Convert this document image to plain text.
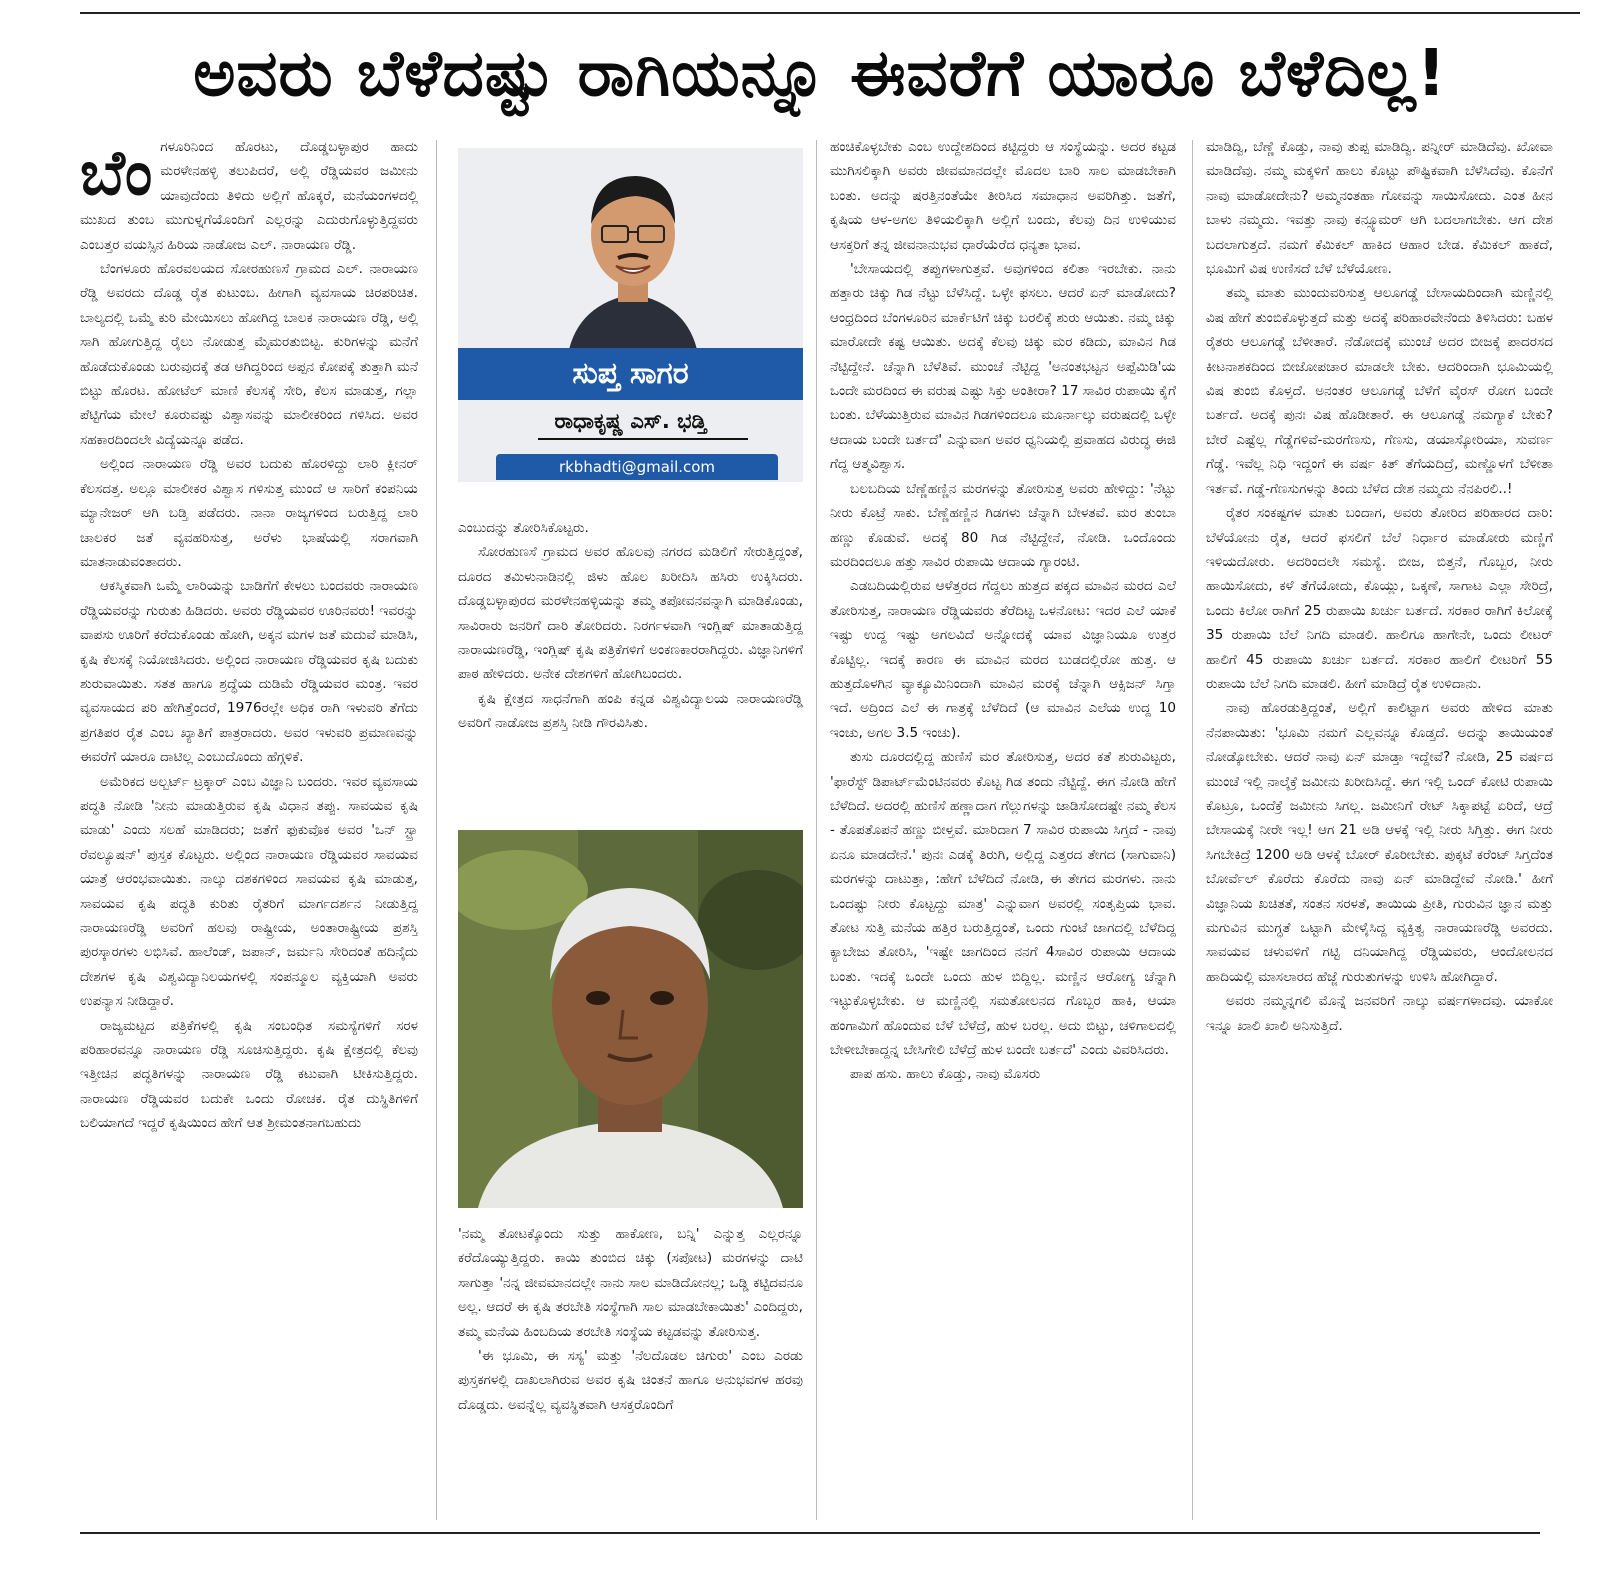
ಅವರು ಬೆಳೆದಷ್ಟು ರಾಗಿಯನ್ನೂ ಈವರೆಗೆ ಯಾರೂ ಬೆಳೆದಿಲ್ಲ!
ಬೆಂ ಗಳೂರಿನಿಂದ ಹೊರಟು, ದೊಡ್ಡಬಳ್ಳಾಪುರ ಹಾದು ಮರಳೇನಹಳ್ಳಿ ತಲುಪಿದರೆ, ಅಲ್ಲಿ ರೆಡ್ಡಿಯವರ ಜಮೀನು ಯಾವುದೆಂದು ತಿಳಿದು ಅಲ್ಲಿಗೆ ಹೊಕ್ಕರೆ, ಮನೆಯಂಗಳದಲ್ಲಿ ಮುಖದ ತುಂಬ ಮುಗುಳ್ನಗೆಯೊಂದಿಗೆ ಎಲ್ಲರನ್ನು ಎದುರುಗೊಳ್ಳುತ್ತಿದ್ದವರು ಎಂಬತ್ತರ ವಯಸ್ಸಿನ ಹಿರಿಯ ನಾಡೋಜ ಎಲ್. ನಾರಾಯಣ ರೆಡ್ಡಿ.

ಬೆಂಗಳೂರು ಹೊರವಲಯದ ಸೋರಹುಣಸೆ ಗ್ರಾಮದ ಎಲ್. ನಾರಾಯಣ ರೆಡ್ಡಿ ಅವರದು ದೊಡ್ಡ ರೈತ ಕುಟುಂಬ. ಹೀಗಾಗಿ ವ್ಯವಸಾಯ ಚಿರಪರಿಚಿತ. ಬಾಲ್ಯದಲ್ಲಿ ಒಮ್ಮೆ ಕುರಿ ಮೇಯಿಸಲು ಹೋಗಿದ್ದ ಬಾಲಕ ನಾರಾಯಣ ರೆಡ್ಡಿ, ಅಲ್ಲಿ ಸಾಗಿ ಹೋಗುತ್ತಿದ್ದ ರೈಲು ನೋಡುತ್ತ ಮೈಮರತುಬಿಟ್ಟ. ಕುರಿಗಳನ್ನು ಮನೆಗೆ ಹೊಡೆದುಕೊಂಡು ಬರುವುದಕ್ಕೆ ತಡ ಆಗಿದ್ದರಿಂದ ಅಪ್ಪನ ಕೋಪಕ್ಕೆ ತುತ್ತಾಗಿ ಮನೆ ಬಿಟ್ಟು ಹೊರಟ. ಹೋಟೆಲ್ ಮಾಣಿ ಕೆಲಸಕ್ಕೆ ಸೇರಿ, ಕೆಲಸ ಮಾಡುತ್ತ, ಗಲ್ಲಾ ಪೆಟ್ಟಿಗೆಯ ಮೇಲೆ ಕೂರುವಷ್ಟು ವಿಶ್ವಾಸವನ್ನು ಮಾಲೀಕರಿಂದ ಗಳಿಸಿದ. ಅವರ ಸಹಕಾರದಿಂದಲೇ ವಿದ್ಯೆಯನ್ನೂ ಪಡೆದ.

ಅಲ್ಲಿಂದ ನಾರಾಯಣ ರೆಡ್ಡಿ ಅವರ ಬದುಕು ಹೊರಳಿದ್ದು ಲಾರಿ ಕ್ಲೀನರ್ ಕೆಲಸದತ್ತ. ಅಲ್ಲೂ ಮಾಲೀಕರ ವಿಶ್ವಾಸ ಗಳಿಸುತ್ತ ಮುಂದೆ ಆ ಸಾರಿಗೆ ಕಂಪನಿಯ ಮ್ಯಾನೇಜರ್ ಆಗಿ ಬಡ್ತಿ ಪಡೆದರು. ನಾನಾ ರಾಜ್ಯಗಳಿಂದ ಬರುತ್ತಿದ್ದ ಲಾರಿ ಚಾಲಕರ ಜತೆ ವ್ಯವಹರಿಸುತ್ತ, ಅರೆಳು ಭಾಷೆಯಲ್ಲಿ ಸರಾಗವಾಗಿ ಮಾತನಾಡುವಂತಾದರು.

ಆಕಸ್ಮಿಕವಾಗಿ ಒಮ್ಮೆ ಲಾರಿಯನ್ನು ಬಾಡಿಗೆಗೆ ಕೇಳಲು ಬಂದವರು ನಾರಾಯಣ ರೆಡ್ಡಿಯವರನ್ನು ಗುರುತು ಹಿಡಿದರು. ಅವರು ರೆಡ್ಡಿಯವರ ಊರಿನವರು! ಇವರನ್ನು ವಾಪಸು ಊರಿಗೆ ಕರೆದುಕೊಂಡು ಹೋಗಿ, ಅಕ್ಕನ ಮಗಳ ಜತೆ ಮದುವೆ ಮಾಡಿಸಿ, ಕೃಷಿ ಕೆಲಸಕ್ಕೆ ನಿಯೋಜಿಸಿದರು. ಅಲ್ಲಿಂದ ನಾರಾಯಣ ರೆಡ್ಡಿಯವರ ಕೃಷಿ ಬದುಕು ಶುರುವಾಯಿತು. ಸತತ ಹಾಗೂ ಶ್ರದ್ಧೆಯ ದುಡಿಮೆ ರೆಡ್ಡಿಯವರ ಮಂತ್ರ. ಇವರ ವ್ಯವಸಾಯದ ಪರಿ ಹೇಗಿತ್ತೆಂದರೆ, 1976ರಲ್ಲೇ ಅಧಿಕ ರಾಗಿ ಇಳುವರಿ ತೆಗೆದು ಪ್ರಗತಿಪರ ರೈತ ಎಂಬ ಖ್ಯಾತಿಗೆ ಪಾತ್ರರಾದರು. ಅವರ ಇಳುವರಿ ಪ್ರಮಾಣವನ್ನು ಈವರೆಗೆ ಯಾರೂ ದಾಟಿಲ್ಲ ಎಂಬುದೊಂದು ಹೆಗ್ಗಳಿಕೆ.

ಅಮೆರಿಕದ ಅಲ್ಬರ್ಟ್ ಟ್ರಕ್ಕಾರ್ ಎಂಬ ವಿಜ್ಞಾನಿ ಬಂದರು. ಇವರ ವ್ಯವಸಾಯ ಪದ್ಧತಿ ನೋಡಿ 'ನೀನು ಮಾಡುತ್ತಿರುವ ಕೃಷಿ ವಿಧಾನ ತಪ್ಪು. ಸಾವಯವ ಕೃಷಿ ಮಾಡು' ಎಂದು ಸಲಹೆ ಮಾಡಿದರು; ಜತೆಗೆ ಫುಕುವೊಕ ಅವರ 'ಒನ್ ಸ್ಟ್ರಾ ರೆವಲ್ಯೂಷನ್' ಪುಸ್ತಕ ಕೊಟ್ಟರು. ಅಲ್ಲಿಂದ ನಾರಾಯಣ ರೆಡ್ಡಿಯವರ ಸಾವಯವ ಯಾತ್ರೆ ಆರಂಭವಾಯಿತು. ನಾಲ್ಕು ದಶಕಗಳಿಂದ ಸಾವಯವ ಕೃಷಿ ಮಾಡುತ್ತ, ಸಾವಯವ ಕೃಷಿ ಪದ್ಧತಿ ಕುರಿತು ರೈತರಿಗೆ ಮಾರ್ಗದರ್ಶನ ನೀಡುತ್ತಿದ್ದ ನಾರಾಯಣರೆಡ್ಡಿ ಅವರಿಗೆ ಹಲವು ರಾಷ್ಟ್ರೀಯ, ಅಂತಾರಾಷ್ಟ್ರೀಯ ಪ್ರಶಸ್ತಿ ಪುರಸ್ಕಾರಗಳು ಲಭಿಸಿವೆ. ಹಾಲೆಂಡ್, ಜಪಾನ್, ಜರ್ಮನಿ ಸೇರಿದಂತೆ ಹದಿನೈದು ದೇಶಗಳ ಕೃಷಿ ವಿಶ್ವವಿದ್ಯಾನಿಲಯಗಳಲ್ಲಿ ಸಂಪನ್ಮೂಲ ವ್ಯಕ್ತಿಯಾಗಿ ಅವರು ಉಪನ್ಯಾಸ ನೀಡಿದ್ದಾರೆ.

ರಾಜ್ಯಮಟ್ಟದ ಪತ್ರಿಕೆಗಳಲ್ಲಿ ಕೃಷಿ ಸಂಬಂಧಿತ ಸಮಸ್ಯೆಗಳಿಗೆ ಸರಳ ಪರಿಹಾರವನ್ನೂ ನಾರಾಯಣ ರೆಡ್ಡಿ ಸೂಚಿಸುತ್ತಿದ್ದರು. ಕೃಷಿ ಕ್ಷೇತ್ರದಲ್ಲಿ ಕೆಲವು ಇತ್ತೀಚಿನ ಪದ್ಧತಿಗಳನ್ನು ನಾರಾಯಣ ರೆಡ್ಡಿ ಕಟುವಾಗಿ ಟೀಕಿಸುತ್ತಿದ್ದರು. ನಾರಾಯಣ ರೆಡ್ಡಿಯವರ ಬದುಕೇ ಒಂದು ರೋಚಕ. ರೈತ ದುಸ್ಥಿತಿಗಳಿಗೆ ಬಲಿಯಾಗದೆ ಇದ್ದರೆ ಕೃಷಿಯಿಂದ ಹೇಗೆ ಆತ ಶ್ರೀಮಂತನಾಗಬಹುದು

ಸುಪ್ತ ಸಾಗರ
ರಾಧಾಕೃಷ್ಣ ಎಸ್. ಭಡ್ತಿ
rkbhadti@gmail.com

ಎಂಬುದನ್ನು ತೋರಿಸಿಕೊಟ್ಟರು.

ಸೋರಹುಣಸೆ ಗ್ರಾಮದ ಅವರ ಹೊಲವು ನಗರದ ಮಡಿಲಿಗೆ ಸೇರುತ್ತಿದ್ದಂತೆ, ದೂರದ ತಮಿಳುನಾಡಿನಲ್ಲಿ ಜಿಳು ಹೊಲ ಖರೀದಿಸಿ ಹಸಿರು ಉಕ್ಕಿಸಿದರು. ದೊಡ್ಡಬಳ್ಳಾಪುರದ ಮರಳೇನಹಳ್ಳಿಯನ್ನು ತಮ್ಮ ತಪೋವನವನ್ನಾಗಿ ಮಾಡಿಕೊಂಡು, ಸಾವಿರಾರು ಜನರಿಗೆ ದಾರಿ ತೋರಿದರು. ನಿರರ್ಗಳವಾಗಿ ಇಂಗ್ಲಿಷ್ ಮಾತಾಡುತ್ತಿದ್ದ ನಾರಾಯಣರೆಡ್ಡಿ, ಇಂಗ್ಲಿಷ್ ಕೃಷಿ ಪತ್ರಿಕೆಗಳಿಗೆ ಅಂಕಣಕಾರರಾಗಿದ್ದರು. ವಿಜ್ಞಾನಿಗಳಿಗೆ ಪಾಠ ಹೇಳಿದರು. ಅನೇಕ ದೇಶಗಳಿಗೆ ಹೋಗಿಬಂದರು.

ಕೃಷಿ ಕ್ಷೇತ್ರದ ಸಾಧನೆಗಾಗಿ ಹಂಪಿ ಕನ್ನಡ ವಿಶ್ವವಿದ್ಯಾಲಯ ನಾರಾಯಣರೆಡ್ಡಿ ಅವರಿಗೆ ನಾಡೋಜ ಪ್ರಶಸ್ತಿ ನೀಡಿ ಗೌರವಿಸಿತು.

'ನಮ್ಮ ತೋಟಕ್ಕೊಂದು ಸುತ್ತು ಹಾಕೋಣ, ಬನ್ನಿ' ಎನ್ನುತ್ತ ಎಲ್ಲರನ್ನೂ ಕರೆದೊಯ್ಯುತ್ತಿದ್ದರು. ಕಾಯಿ ತುಂಬಿದ ಚಿಕ್ಕು (ಸಪೋಟ) ಮರಗಳನ್ನು ದಾಟಿ ಸಾಗುತ್ತಾ 'ನನ್ನ ಜೀವಮಾನದಲ್ಲೇ ನಾನು ಸಾಲ ಮಾಡಿದೋನಲ್ಲ; ಒಡ್ಡಿ ಕಟ್ಟಿದವನೂ ಅಲ್ಲ. ಆದರೆ ಈ ಕೃಷಿ ತರಬೇತಿ ಸಂಸ್ಥೆಗಾಗಿ ಸಾಲ ಮಾಡಬೇಕಾಯಿತು' ಎಂದಿದ್ದರು, ತಮ್ಮ ಮನೆಯ ಹಿಂಬದಿಯ ತರಬೇತಿ ಸಂಸ್ಥೆಯ ಕಟ್ಟಡವನ್ನು ತೋರಿಸುತ್ತ.

'ಈ ಭೂಮಿ, ಈ ಸಸ್ಯ' ಮತ್ತು 'ನೆಲದೊಡಲ ಚಿಗುರು' ಎಂಬ ಎರಡು ಪುಸ್ತಕಗಳಲ್ಲಿ ದಾಖಲಾಗಿರುವ ಅವರ ಕೃಷಿ ಚಿಂತನೆ ಹಾಗೂ ಅನುಭವಗಳ ಹರವು ದೊಡ್ಡದು. ಅವನ್ನೆಲ್ಲ ವ್ಯವಸ್ಥಿತವಾಗಿ ಆಸಕ್ತರೊಂದಿಗೆ

ಹಂಚಿಕೊಳ್ಳಬೇಕು ಎಂಬ ಉದ್ದೇಶದಿಂದ ಕಟ್ಟಿದ್ದರು ಆ ಸಂಸ್ಥೆಯನ್ನು. ಅದರ ಕಟ್ಟಡ ಮುಗಿಸಲಿಕ್ಕಾಗಿ ಅವರು ಜೀವಮಾನದಲ್ಲೇ ಮೊದಲ ಬಾರಿ ಸಾಲ ಮಾಡಬೇಕಾಗಿ ಬಂತು. ಅದನ್ನು ಷರತ್ತಿನಂತೆಯೇ ತೀರಿಸಿದ ಸಮಾಧಾನ ಅವರಿಗಿತ್ತು. ಜತೆಗೆ, ಕೃಷಿಯ ಆಳ-ಅಗಲ ತಿಳಿಯಲಿಕ್ಕಾಗಿ ಅಲ್ಲಿಗೆ ಬಂದು, ಕೆಲವು ದಿನ ಉಳಿಯುವ ಆಸಕ್ತರಿಗೆ ತನ್ನ ಜೀವನಾನುಭವ ಧಾರೆಯೆರೆದ ಧನ್ಯತಾ ಭಾವ.

'ಬೇಸಾಯದಲ್ಲಿ ತಪ್ಪುಗಳಾಗುತ್ತವೆ. ಅವುಗಳಿಂದ ಕಲಿತಾ ಇರಬೇಕು. ನಾನು ಹತ್ತಾರು ಚಿಕ್ಕು ಗಿಡ ನೆಟ್ಟು ಬೆಳೆಸಿದ್ದೆ. ಒಳ್ಳೇ ಫಸಲು. ಆದರೆ ಏನ್ ಮಾಡೋದು? ಆಂಧ್ರದಿಂದ ಬೆಂಗಳೂರಿನ ಮಾರ್ಕೆಟಿಗೆ ಚಿಕ್ಕು ಬರಲಿಕ್ಕೆ ಶುರು ಆಯಿತು. ನಮ್ಮ ಚಿಕ್ಕು ಮಾರೋದೇ ಕಷ್ಟ ಆಯಿತು. ಅದಕ್ಕೆ ಕೆಲವು ಚಿಕ್ಕು ಮರ ಕಡಿದು, ಮಾವಿನ ಗಿಡ ನೆಟ್ಟಿದ್ದೇನೆ. ಚೆನ್ನಾಗಿ ಬೆಳೆತಿವೆ. ಮುಂಚೆ ನೆಟ್ಟಿದ್ದ 'ಅನಂತಭಟ್ಟನ ಅಪ್ಪೆಮಿಡಿ'ಯ ಒಂದೇ ಮರದಿಂದ ಈ ವರುಷ ಎಷ್ಟು ಸಿಕ್ತು ಅಂತೀರಾ? 17 ಸಾವಿರ ರುಪಾಯಿ ಕೈಗೆ ಬಂತು. ಬೆಳೆಯುತ್ತಿರುವ ಮಾವಿನ ಗಿಡಗಳಿಂದಲೂ ಮೂರ್ನಾಲ್ಕು ವರುಷದಲ್ಲಿ ಒಳ್ಳೇ ಆದಾಯ ಬಂದೇ ಬರ್ತದೆ' ಎನ್ನುವಾಗ ಅವರ ಧ್ವನಿಯಲ್ಲಿ ಪ್ರವಾಹದ ವಿರುದ್ಧ ಈಜಿ ಗೆದ್ದ ಆತ್ಮವಿಶ್ವಾಸ.

ಬಲಬದಿಯ ಬೆಣ್ಣೆಹಣ್ಣಿನ ಮರಗಳನ್ನು ತೋರಿಸುತ್ತ ಅವರು ಹೇಳಿದ್ದು: 'ನೆಟ್ಟು ನೀರು ಕೊಟ್ರೆ ಸಾಕು. ಬೆಣ್ಣೆಹಣ್ಣಿನ ಗಿಡಗಳು ಚೆನ್ನಾಗಿ ಬೇಳತವೆ. ಮರ ತುಂಬಾ ಹಣ್ಣು ಕೊಡುವೆ. ಅದಕ್ಕೆ 80 ಗಿಡ ನೆಟ್ಟಿದ್ದೇನೆ, ನೋಡಿ. ಒಂದೊಂದು ಮರದಿಂದಲೂ ಹತ್ತು ಸಾವಿರ ರುಪಾಯಿ ಆದಾಯ ಗ್ಯಾರಂಟಿ.

ಎಡಬದಿಯಲ್ಲಿರುವ ಆಳೆತ್ತರದ ಗೆದ್ದಲು ಹುತ್ತದ ಪಕ್ಕದ ಮಾವಿನ ಮರದ ಎಲೆ ತೋರಿಸುತ್ತ, ನಾರಾಯಣ ರೆಡ್ಡಿಯವರು ತೆರೆದಿಟ್ಟ ಒಳನೋಟ: ಇದರ ಎಲೆ ಯಾಕೆ ಇಷ್ಟು ಉದ್ದ ಇಷ್ಟು ಅಗಲವಿದೆ ಅನ್ನೋದಕ್ಕೆ ಯಾವ ವಿಜ್ಞಾನಿಯೂ ಉತ್ತರ ಕೊಟ್ಟಿಲ್ಲ. ಇದಕ್ಕೆ ಕಾರಣ ಈ ಮಾವಿನ ಮರದ ಬುಡದಲ್ಲಿರೋ ಹುತ್ತ. ಆ ಹುತ್ತದೊಳಗಿನ ವ್ಯಾಕ್ಯೂಮಿನಿಂದಾಗಿ ಮಾವಿನ ಮರಕ್ಕೆ ಚೆನ್ನಾಗಿ ಆಕ್ಸಿಜನ್ ಸಿಗ್ತಾ ಇದೆ. ಅದ್ರಿಂದ ಎಲೆ ಈ ಗಾತ್ರಕ್ಕೆ ಬೆಳೆದಿದೆ (ಆ ಮಾವಿನ ಎಲೆಯ ಉದ್ದ 10 ಇಂಚು, ಅಗಲ 3.5 ಇಂಚು).

ತುಸು ದೂರದಲ್ಲಿದ್ದ ಹುಣಿಸೆ ಮರ ತೋರಿಸುತ್ತ, ಅದರ ಕತೆ ಶುರುವಿಟ್ಟರು, 'ಫಾರೆಸ್ಟ್ ಡಿಪಾರ್ಟ್‌ಮೆಂಟಿನವರು ಕೊಟ್ಟ ಗಿಡ ತಂದು ನೆಟ್ಟಿದ್ದೆ. ಈಗ ನೋಡಿ ಹೇಗೆ ಬೆಳೆದಿದೆ. ಅದರಲ್ಲಿ ಹುಣಿಸೆ ಹಣ್ಣಾದಾಗ ಗೆಲ್ಲುಗಳನ್ನು ಜಾಡಿಸೋದಷ್ಟೇ ನಮ್ಮ ಕೆಲಸ - ತೊಪತೊಪನೆ ಹಣ್ಣು ಬೀಳ್ತವೆ. ಮಾರಿದಾಗ 7 ಸಾವಿರ ರುಪಾಯಿ ಸಿಗ್ತದೆ - ನಾವು ಏನೂ ಮಾಡದೇನೆ.' ಪುನಃ ಎಡಕ್ಕೆ ತಿರುಗಿ, ಅಲ್ಲಿದ್ದ ಎತ್ತರದ ತೇಗದ (ಸಾಗುವಾನಿ) ಮರಗಳನ್ನು ದಾಟುತ್ತಾ, :ಹೇಗೆ ಬೆಳೆದಿದೆ ನೋಡಿ, ಈ ತೇಗದ ಮರಗಳು. ನಾನು ಒಂದಷ್ಟು ನೀರು ಕೊಟ್ಟದ್ದು ಮಾತ್ರ' ಎನ್ನುವಾಗ ಅವರಲ್ಲಿ ಸಂತೃಪ್ತಿಯ ಭಾವ. ತೋಟ ಸುತ್ತಿ ಮನೆಯ ಹತ್ತಿರ ಬರುತ್ತಿದ್ದಂತೆ, ಒಂದು ಗುಂಟೆ ಜಾಗದಲ್ಲಿ ಬೆಳೆದಿದ್ದ ಕ್ಯಾಬೇಜು ತೋರಿಸಿ, 'ಇಷ್ಟೇ ಜಾಗದಿಂದ ನನಗೆ 4ಸಾವಿರ ರುಪಾಯಿ ಆದಾಯ ಬಂತು. ಇದಕ್ಕೆ ಒಂದೇ ಒಂದು ಹುಳ ಬಿದ್ದಿಲ್ಲ. ಮಣ್ಣಿನ ಆರೋಗ್ಯ ಚೆನ್ನಾಗಿ ಇಟ್ಟುಕೊಳ್ಳಬೇಕು. ಆ ಮಣ್ಣಿನಲ್ಲಿ ಸಮತೋಲನದ ಗೊಬ್ಬರ ಹಾಕಿ, ಆಯಾ ಹಂಗಾಮಿಗೆ ಹೊಂದುವ ಬೆಳೆ ಬೆಳೆದ್ರೆ, ಹುಳ ಬರಲ್ಲ. ಅದು ಬಿಟ್ಟು, ಚಳಿಗಾಲದಲ್ಲಿ ಬೇಳೀಬೇಕಾದ್ದನ್ನ ಬೇಸಿಗೇಲಿ ಬೆಳೆದ್ರೆ ಹುಳ ಬಂದೇ ಬರ್ತದೆ' ಎಂದು ವಿವರಿಸಿದರು.

ಪಾಪ ಹಸು. ಹಾಲು ಕೊಡ್ತು, ನಾವು ಮೊಸರು

ಮಾಡಿದ್ವಿ, ಬೆಣ್ಣೆ ಕೊಡ್ತು, ನಾವು ತುಪ್ಪ ಮಾಡಿದ್ವಿ. ಪನ್ನೀರ್ ಮಾಡಿದೆವು. ಖೋವಾ ಮಾಡಿದೆವು. ನಮ್ಮ ಮಕ್ಕಳಿಗೆ ಹಾಲು ಕೊಟ್ಟು ಪೌಷ್ಟಿಕವಾಗಿ ಬೆಳೆಸಿದೆವು. ಕೊನೆಗೆ ನಾವು ಮಾಡೋದೇನು? ಅಮ್ಮನಂತಹಾ ಗೋವನ್ನು ಸಾಯಿಸೋದು. ಎಂತ ಹೀನ ಬಾಳು ನಮ್ಮದು. ಇವತ್ತು ನಾವು ಕನ್ಸ್ಯೂಮರ್ ಆಗಿ ಬದಲಾಗಬೇಕು. ಆಗ ದೇಶ ಬದಲಾಗುತ್ತದೆ. ನಮಗೆ ಕೆಮಿಕಲ್ ಹಾಕಿದ ಆಹಾರ ಬೇಡ. ಕೆಮಿಕಲ್ ಹಾಕದೆ, ಭೂಮಿಗೆ ವಿಷ ಉಣಿಸದೆ ಬೆಳೆ ಬೆಳೆಯೋಣ.

ತಮ್ಮ ಮಾತು ಮುಂದುವರಿಸುತ್ತ ಆಲೂಗಡ್ಡೆ ಬೇಸಾಯದಿಂದಾಗಿ ಮಣ್ಣಿನಲ್ಲಿ ವಿಷ ಹೇಗೆ ತುಂಬಿಕೊಳ್ಳುತ್ತದೆ ಮತ್ತು ಅದಕ್ಕೆ ಪರಿಹಾರವೇನೆಂದು ತಿಳಿಸಿದರು: ಬಹಳ ರೈತರು ಆಲೂಗಡ್ಡೆ ಬೆಳೀತಾರೆ. ನೆಡೋದಕ್ಕೆ ಮುಂಚೆ ಅದರ ಬೀಜಕ್ಕೆ ಪಾದರಸದ ಕೀಟನಾಶಕದಿಂದ ಬೀಜೋಪಚಾರ ಮಾಡಲೇ ಬೇಕು. ಆದರಿಂದಾಗಿ ಭೂಮಿಯಲ್ಲಿ ವಿಷ ತುಂಬಿ ಕೊಳ್ತದೆ. ಅನಂತರ ಆಲೂಗಡ್ಡೆ ಬೆಳೆಗೆ ವೈರಸ್ ರೋಗ ಬಂದೇ ಬರ್ತದೆ. ಅದಕ್ಕೆ ಪುನಃ ವಿಷ ಹೊಡೀತಾರೆ. ಈ ಆಲೂಗಡ್ಡೆ ನಮಗ್ಯಾಕೆ ಬೇಕು? ಬೇರೆ ಎಷ್ಟೆಲ್ಲ ಗೆಡ್ಡೆಗಳಿವೆ-ಮರಗೆಣಸು, ಗೆಣಸು, ಡಯಾಸ್ಕೋರಿಯಾ, ಸುವರ್ಣ ಗೆಡ್ಡೆ. ಇವೆಲ್ಲ ನಿಧಿ ಇದ್ದಂಗೆ ಈ ವರ್ಷ ಕಿತ್ ತೆಗೆಯದಿದ್ರೆ, ಮಣ್ಣೊಳಗೆ ಬೆಳೀತಾ ಇರ್ತವೆ. ಗಡ್ಡೆ-ಗೆಣಸುಗಳನ್ನು ತಿಂದು ಬೆಳೆದ ದೇಶ ನಮ್ಮದು ನೆನಪಿರಲಿ..!

ರೈತರ ಸಂಕಷ್ಟಗಳ ಮಾತು ಬಂದಾಗ, ಅವರು ತೋರಿದ ಪರಿಹಾರದ ದಾರಿ: ಬೆಳೆಯೋನು ರೈತ, ಆದರೆ ಫಸಲಿಗೆ ಬೆಲೆ ನಿರ್ಧಾರ ಮಾಡೋರು ಮಣ್ಣಿಗೆ ಇಳಿಯದೋರು. ಅದರಿಂದಲೇ ಸಮಸ್ಯೆ. ಬೀಜ, ಬಿತ್ತನೆ, ಗೊಬ್ಬರ, ನೀರು ಹಾಯಿಸೋದು, ಕಳೆ ತೆಗೆಯೋದು, ಕೊಯ್ಲು, ಒಕ್ಕಣೆ, ಸಾಗಾಟ ಎಲ್ಲಾ ಸೇರಿದ್ರೆ, ಒಂದು ಕಿಲೋ ರಾಗಿಗೆ 25 ರುಪಾಯಿ ಖರ್ಚು ಬರ್ತದೆ. ಸರಕಾರ ರಾಗಿಗೆ ಕಿಲೋಕ್ಕೆ 35 ರುಪಾಯಿ ಬೆಲೆ ನಿಗದಿ ಮಾಡಲಿ. ಹಾಲಿಗೂ ಹಾಗೇನೇ, ಒಂದು ಲೀಟರ್ ಹಾಲಿಗೆ 45 ರುಪಾಯಿ ಖರ್ಚು ಬರ್ತದೆ. ಸರಕಾರ ಹಾಲಿಗೆ ಲೀಟರಿಗೆ 55 ರುಪಾಯಿ ಬೆಲೆ ನಿಗದಿ ಮಾಡಲಿ. ಹೀಗೆ ಮಾಡಿದ್ರೆ ರೈತ ಉಳಿದಾನು.

ನಾವು ಹೊರಡುತ್ತಿದ್ದಂತೆ, ಅಲ್ಲಿಗೆ ಕಾಲಿಟ್ಟಾಗ ಅವರು ಹೇಳಿದ ಮಾತು ನೆನಪಾಯಿತು: 'ಭೂಮಿ ನಮಗೆ ಎಲ್ಲವನ್ನೂ ಕೊಡ್ತದೆ. ಅದನ್ನು ತಾಯಿಯಂತೆ ನೋಡ್ಕೋಬೇಕು. ಆದರೆ ನಾವು ಏನ್ ಮಾಡ್ತಾ ಇದ್ದೇವೆ? ನೋಡಿ, 25 ವರ್ಷದ ಮುಂಚೆ ಇಲ್ಲಿ ನಾಲ್ಕೆಕ್ರೆ ಜಮೀನು ಖರೀದಿಸಿದ್ದೆ. ಈಗ ಇಲ್ಲಿ ಒಂದ್ ಕೋಟಿ ರುಪಾಯಿ ಕೊಟ್ರೂ, ಒಂದೆಕ್ರೆ ಜಮೀನು ಸಿಗಲ್ಲ. ಜಮೀನಿಗೆ ರೇಟ್ ಸಿಕ್ಕಾಪಟ್ಟೆ ಏರಿದೆ, ಆದ್ರೆ ಬೇಸಾಯಕ್ಕೆ ನೀರೇ ಇಲ್ಲ! ಆಗ 21 ಅಡಿ ಆಳಕ್ಕೆ ಇಲ್ಲಿ ನೀರು ಸಿಗ್ತಿತ್ತು. ಈಗ ನೀರು ಸಿಗಬೇಕಿದ್ರೆ 1200 ಅಡಿ ಆಳಕ್ಕೆ ಬೋರ್ ಕೊರೀಬೇಕು. ಪುಕ್ಕಟೆ ಕರೆಂಟ್ ಸಿಗ್ತದೆಂತ ಬೋರ್ವೆಲ್ ಕೊರೆದು ಕೊರೆದು ನಾವು ಏನ್ ಮಾಡಿದ್ದೇವೆ ನೋಡಿ.' ಹೀಗೆ ವಿಜ್ಞಾನಿಯ ಖಚಿತತೆ, ಸಂತನ ಸರಳತೆ, ತಾಯಿಯ ಪ್ರೀತಿ, ಗುರುವಿನ ಜ್ಞಾನ ಮತ್ತು ಮಗುವಿನ ಮುಗ್ಧತೆ ಒಟ್ಟಾಗಿ ಮೇಳೈಸಿದ್ದ ವ್ಯಕ್ತಿತ್ವ ನಾರಾಯಣರೆಡ್ಡಿ ಅವರದು. ಸಾವಯವ ಚಳುವಳಿಗೆ ಗಟ್ಟಿ ದನಿಯಾಗಿದ್ದ ರೆಡ್ಡಿಯವರು, ಆಂದೋಲನದ ಹಾದಿಯಲ್ಲಿ ಮಾಸಲಾರದ ಹೆಜ್ಜೆ ಗುರುತುಗಳನ್ನು ಉಳಿಸಿ ಹೋಗಿದ್ದಾರೆ.

ಅವರು ನಮ್ಮನ್ನಗಲಿ ಮೊನ್ನೆ ಜನವರಿಗೆ ನಾಲ್ಕು ವರ್ಷಗಳಾದವು. ಯಾಕೋ ಇನ್ನೂ ಖಾಲಿ ಖಾಲಿ ಅನಿಸುತ್ತಿದೆ.
